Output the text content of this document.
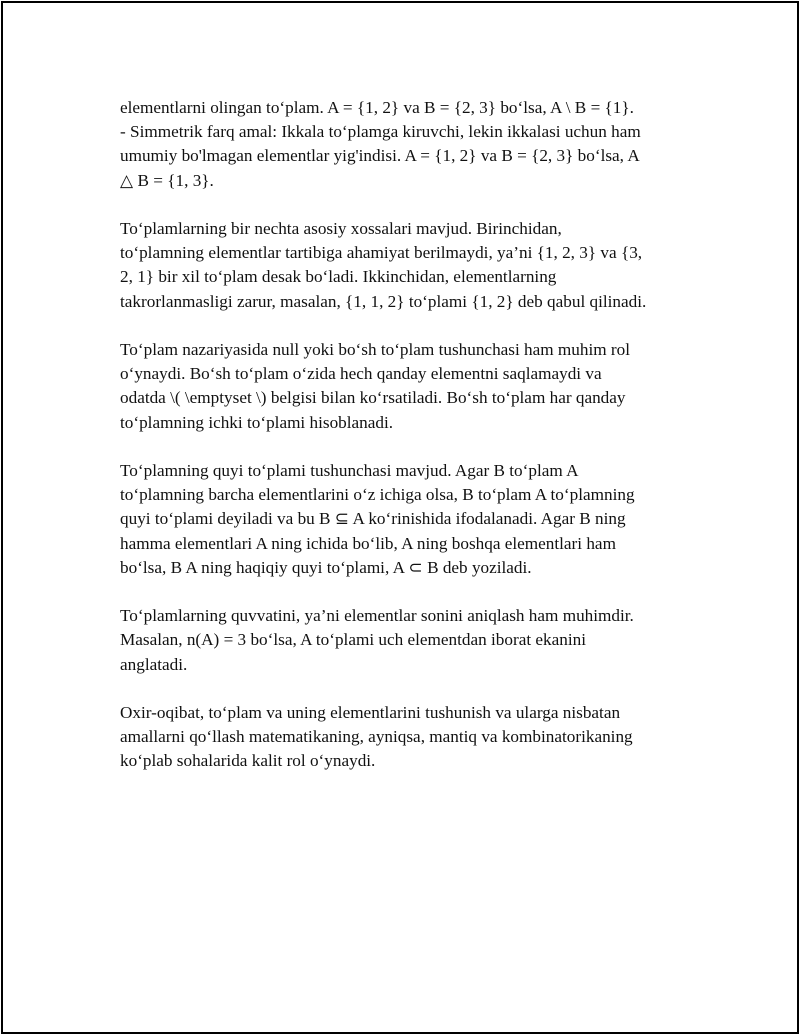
elementlarni olingan to‘plam. A = {1, 2} va B = {2, 3} bo‘lsa, A \ B = {1}.
- Simmetrik farq amal: Ikkala to‘plamga kiruvchi, lekin ikkalasi uchun ham
umumiy bo'lmagan elementlar yig'indisi. A = {1, 2} va B = {2, 3} bo‘lsa, A
△ B = {1, 3}.

To‘plamlarning bir nechta asosiy xossalari mavjud. Birinchidan,
to‘plamning elementlar tartibiga ahamiyat berilmaydi, ya’ni {1, 2, 3} va {3,
2, 1} bir xil to‘plam desak bo‘ladi. Ikkinchidan, elementlarning
takrorlanmasligi zarur, masalan, {1, 1, 2} to‘plami {1, 2} deb qabul qilinadi.

To‘plam nazariyasida null yoki bo‘sh to‘plam tushunchasi ham muhim rol
o‘ynaydi. Bo‘sh to‘plam o‘zida hech qanday elementni saqlamaydi va
odatda \( \emptyset \) belgisi bilan ko‘rsatiladi. Bo‘sh to‘plam har qanday
to‘plamning ichki to‘plami hisoblanadi.

To‘plamning quyi to‘plami tushunchasi mavjud. Agar B to‘plam A
to‘plamning barcha elementlarini o‘z ichiga olsa, B to‘plam A to‘plamning
quyi to‘plami deyiladi va bu B ⊆ A ko‘rinishida ifodalanadi. Agar B ning
hamma elementlari A ning ichida bo‘lib, A ning boshqa elementlari ham
bo‘lsa, B A ning haqiqiy quyi to‘plami, A ⊂ B deb yoziladi.

To‘plamlarning quvvatini, ya’ni elementlar sonini aniqlash ham muhimdir.
Masalan, n(A) = 3 bo‘lsa, A to‘plami uch elementdan iborat ekanini
anglatadi.

Oxir-oqibat, to‘plam va uning elementlarini tushunish va ularga nisbatan
amallarni qo‘llash matematikaning, ayniqsa, mantiq va kombinatorikaning
ko‘plab sohalarida kalit rol o‘ynaydi.
